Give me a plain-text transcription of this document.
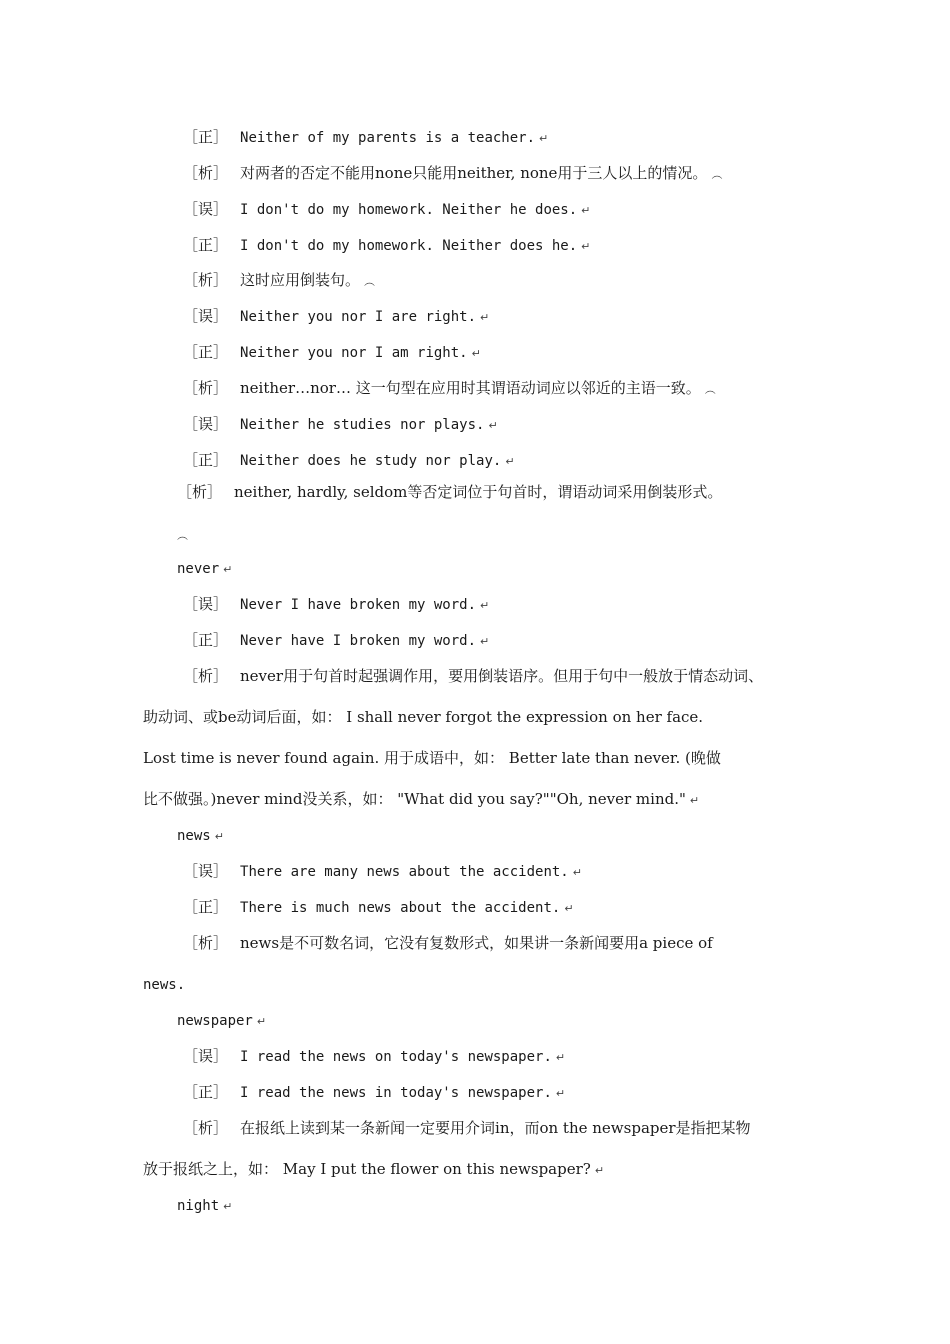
［正］ Neither of my parents is a teacher. ↵
［析］ 对两者的否定不能用none只能用neither, none用于三人以上的情况。 ︵
［误］ I don't do my homework. Neither he does. ↵
［正］ I don't do my homework. Neither does he. ↵
［析］ 这时应用倒装句。 ︵
［误］ Neither you nor I are right. ↵
［正］ Neither you nor I am right. ↵
［析］ neither…nor… 这一句型在应用时其谓语动词应以邻近的主语一致。 ︵
［误］ Neither he studies nor plays. ↵
［正］ Neither does he study nor play. ↵
［析］ neither, hardly, seldom等否定词位于句首时，谓语动词采用倒装形式。
︵
never ↵
［误］ Never I have broken my word. ↵
［正］ Never have I broken my word. ↵
［析］ never用于句首时起强调作用，要用倒装语序。但用于句中一般放于情态动词、
助动词、或be动词后面，如： I shall never forgot the expression on her face.
Lost time is never found again. 用于成语中，如： Better late than never. (晚做
比不做强。)never mind没关系，如： "What did you say?""Oh, never mind." ↵
news ↵
［误］ There are many news about the accident. ↵
［正］ There is much news about the accident. ↵
［析］ news是不可数名词，它没有复数形式，如果讲一条新闻要用a piece of
news.
newspaper ↵
［误］ I read the news on today's newspaper. ↵
［正］ I read the news in today's newspaper. ↵
［析］ 在报纸上读到某一条新闻一定要用介词in，而on the newspaper是指把某物
放于报纸之上，如： May I put the flower on this newspaper? ↵
night ↵
